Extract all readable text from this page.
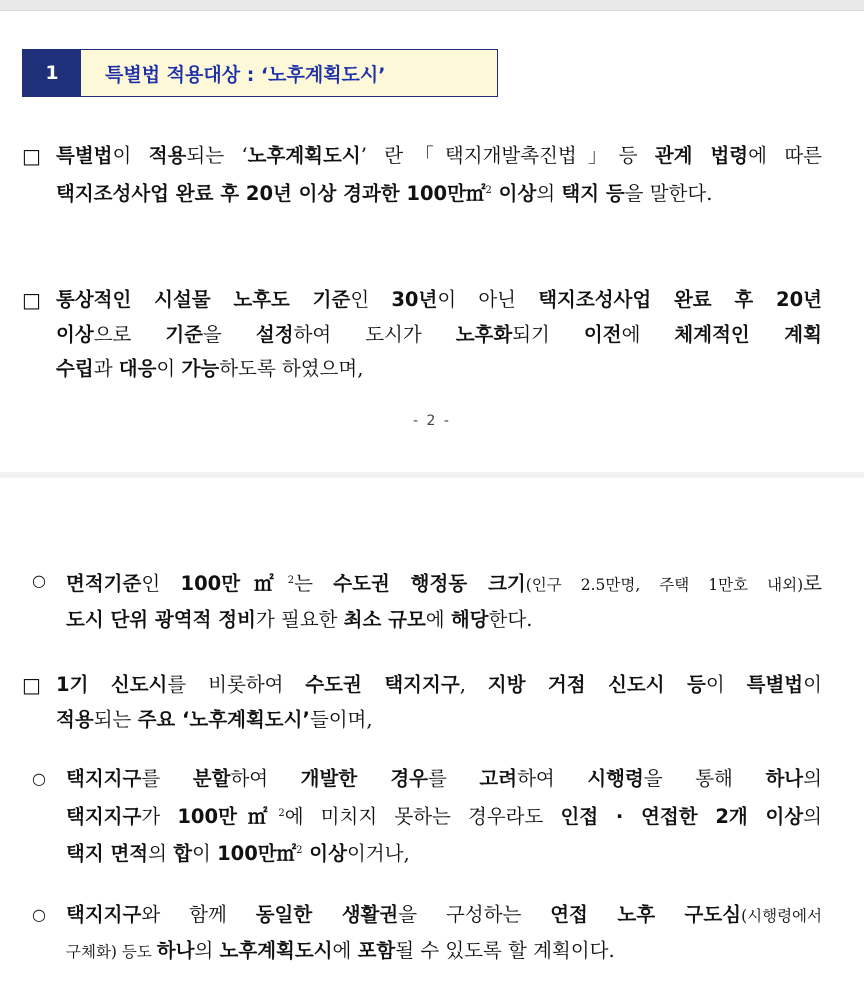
1	특별법 적용대상 : ‘노후계획도시’
□ 특별법이 적용되는 ‘노후계획도시’ 란「택지개발촉진법」등 관계 법령에 따른
택지조성사업 완료 후 20년 이상 경과한 100만㎡$^2$ 이상의 택지 등을 말한다.
□ 통상적인 시설물 노후도 기준인 30년이 아닌 택지조성사업 완료 후 20년
이상으로 기준을 설정하여 도시가 노후화되기 이전에 체계적인 계획
수립과 대응이 가능하도록 하였으며,
- 2 -
○	면적기준인 100만㎡$^2$는 수도권 행정동 크기(인구 2.5만명, 주택 1만호 내외)로
도시 단위 광역적 정비가 필요한 최소 규모에 해당한다.
□ 1기 신도시를 비롯하여 수도권 택지지구, 지방 거점 신도시 등이 특별법이
적용되는 주요 ‘노후계획도시’들이며,
○	택지지구를 분할하여 개발한 경우를 고려하여 시행령을 통해 하나의
택지지구가 100만㎡$^2$에 미치지 못하는 경우라도 인접 · 연접한 2개 이상의
택지 면적의 합이 100만㎡$^2$ 이상이거나,
○	택지지구와 함께 동일한 생활권을 구성하는 연접 노후 구도심(시행령에서
구체화) 등도 하나의 노후계획도시에 포함될 수 있도록 할 계획이다.
